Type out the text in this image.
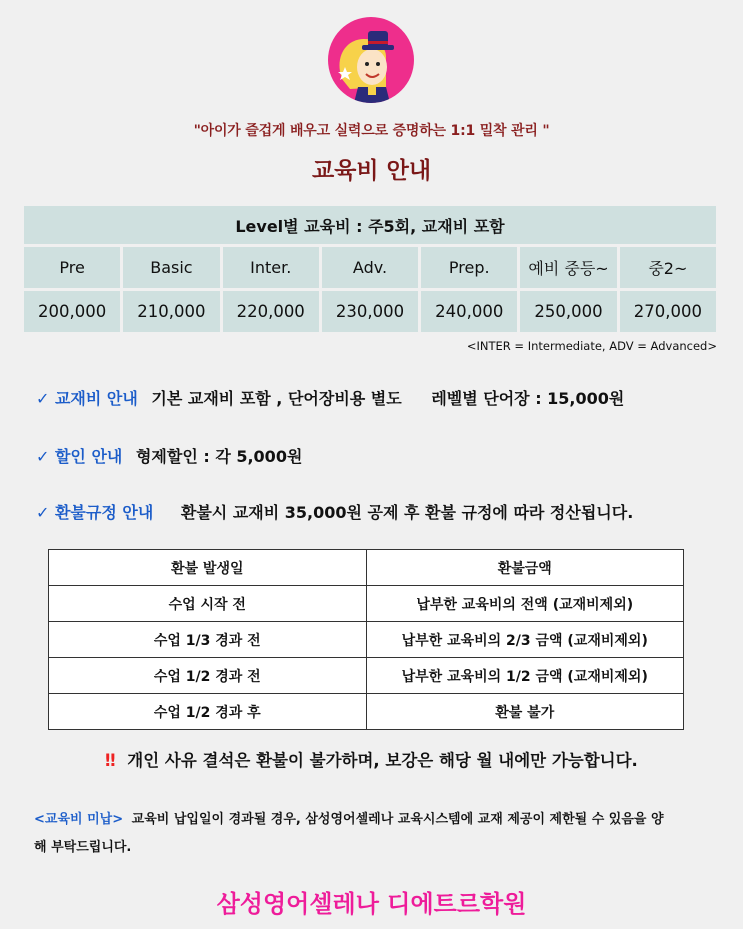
"아이가 즐겁게 배우고 실력으로 증명하는 1:1 밀착 관리 "
교육비 안내
Level별 교육비 : 주5회, 교재비 포함						
Pre	Basic	Inter.	Adv.	Prep.	예비 중등~	중2~
200,000	210,000	220,000	230,000	240,000	250,000	270,000
<INTER = Intermediate, ADV = Advanced>
✓ 교재비 안내 기본 교재비 포함 , 단어장비용 별도 레벨별 단어장 : 15,000원
✓ 할인 안내 형제할인 : 각 5,000원
✓ 환불규정 안내 환불시 교재비 35,000원 공제 후 환불 규정에 따라 정산됩니다.
환불 발생일	환불금액
수업 시작 전	납부한 교육비의 전액 (교재비제외)
수업 1/3 경과 전	납부한 교육비의 2/3 금액 (교재비제외)
수업 1/2 경과 전	납부한 교육비의 1/2 금액 (교재비제외)
수업 1/2 경과 후	환불 불가
‼ 개인 사유 결석은 환불이 불가하며, 보강은 해당 월 내에만 가능합니다.
<교육비 미납> 교육비 납입일이 경과될 경우, 삼성영어셀레나 교육시스템에 교재 제공이 제한될 수 있음을 양해 부탁드립니다.
삼성영어셀레나 디에트르학원
